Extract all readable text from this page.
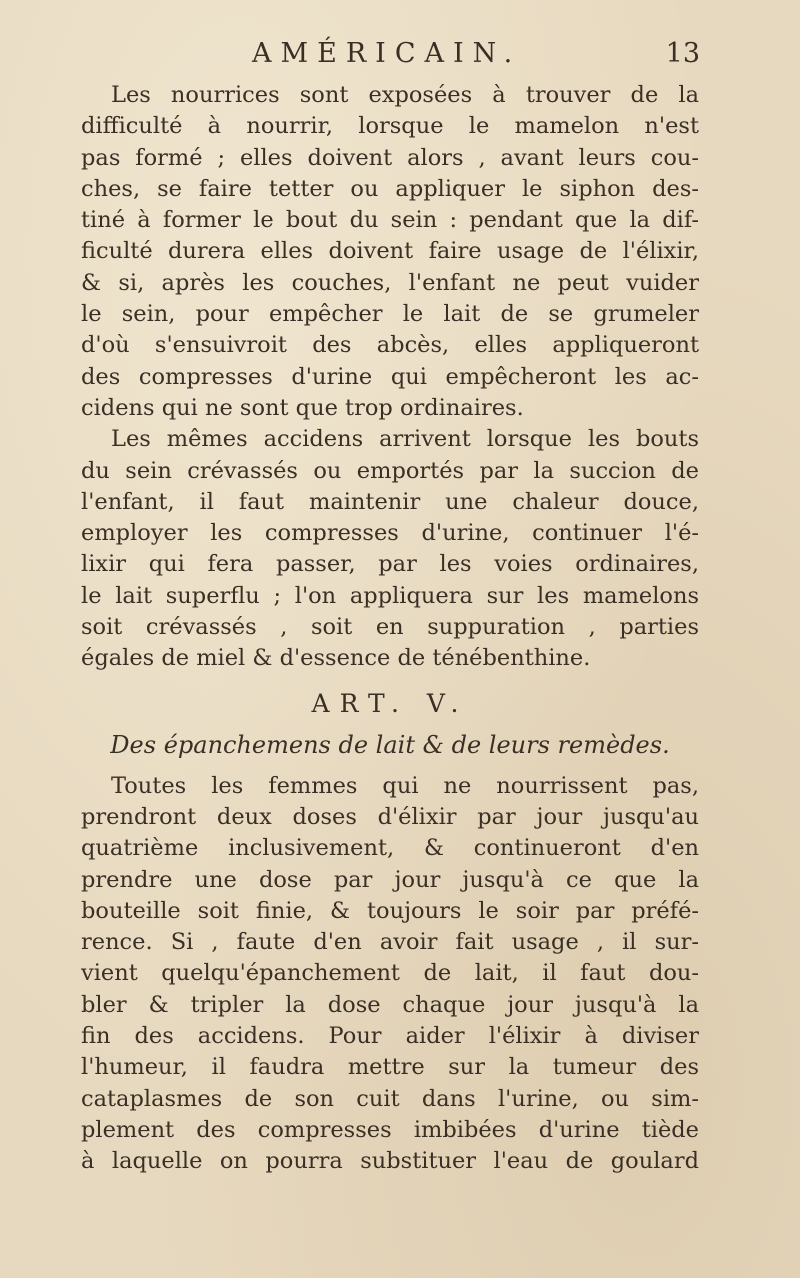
AMÉRICAIN.	13
Les nourrices sont exposées à trouver de la
difficulté à nourrir, lorsque le mamelon n'est
pas formé ; elles doivent alors , avant leurs cou-
ches, se faire tetter ou appliquer le siphon des-
tiné à former le bout du sein : pendant que la dif-
ficulté durera elles doivent faire usage de l'élixir,
& si, après les couches, l'enfant ne peut vuider
le sein, pour empêcher le lait de se grumeler
d'où s'ensuivroit des abcès, elles appliqueront
des compresses d'urine qui empêcheront les ac-
cidens qui ne sont que trop ordinaires.
Les mêmes accidens arrivent lorsque les bouts
du sein crévassés ou emportés par la succion de
l'enfant, il faut maintenir une chaleur douce,
employer les compresses d'urine, continuer l'é-
lixir qui fera passer, par les voies ordinaires,
le lait superflu ; l'on appliquera sur les mamelons
soit crévassés , soit en suppuration , parties
égales de miel & d'essence de ténébenthine.
ART. V.
Des épanchemens de lait & de leurs remèdes.
Toutes les femmes qui ne nourrissent pas,
prendront deux doses d'élixir par jour jusqu'au
quatrième inclusivement, & continueront d'en
prendre une dose par jour jusqu'à ce que la
bouteille soit finie, & toujours le soir par préfé-
rence. Si , faute d'en avoir fait usage , il sur-
vient quelqu'épanchement de lait, il faut dou-
bler & tripler la dose chaque jour jusqu'à la
fin des accidens. Pour aider l'élixir à diviser
l'humeur, il faudra mettre sur la tumeur des
cataplasmes de son cuit dans l'urine, ou sim-
plement des compresses imbibées d'urine tiède
à laquelle on pourra substituer l'eau de goulard
